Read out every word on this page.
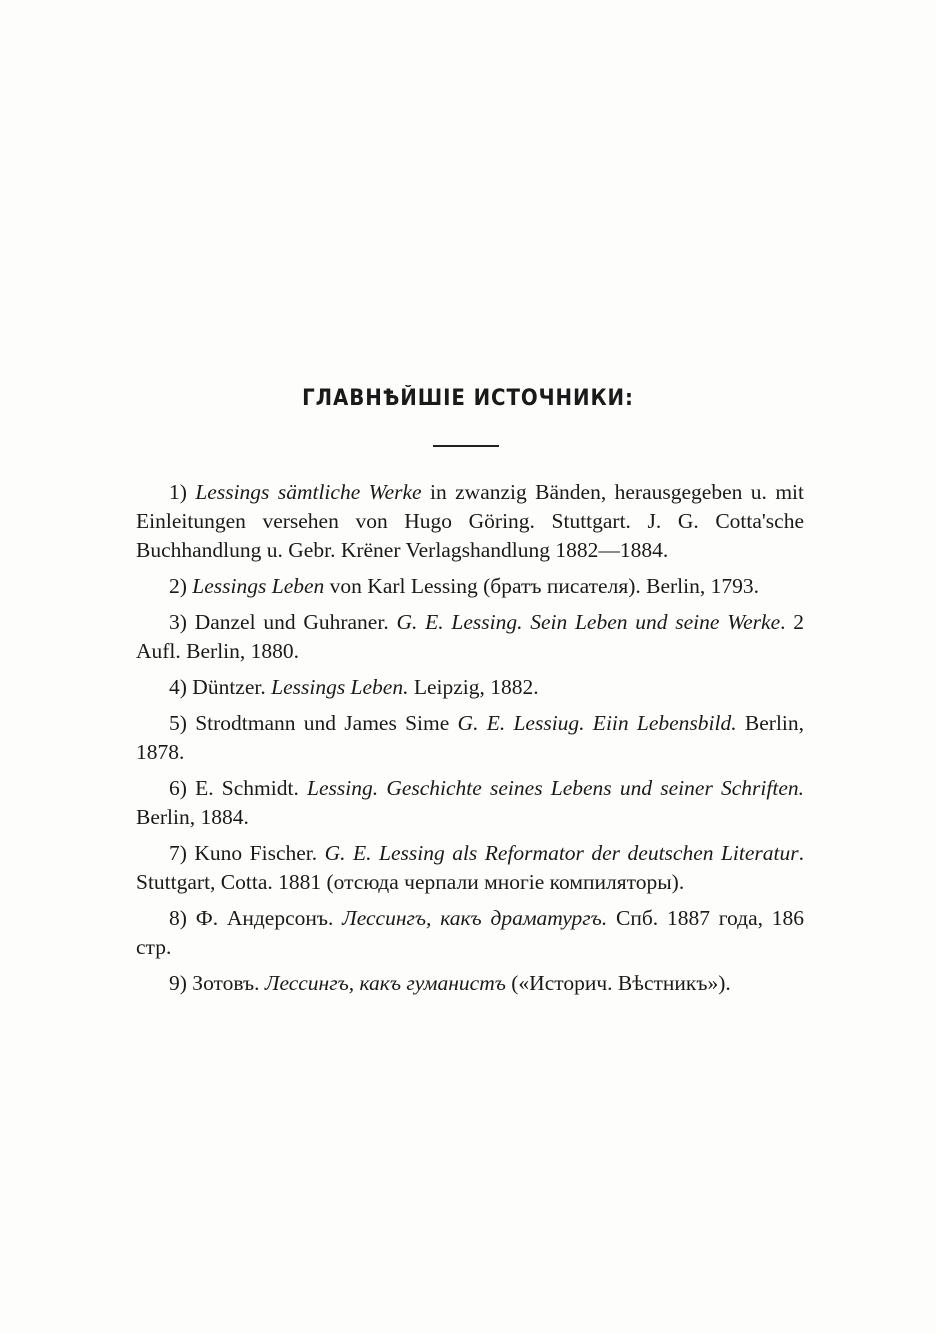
ГЛАВНѢЙШІЕ ИСТОЧНИКИ:
1) Lessings sämtliche Werke in zwanzig Bänden, herausgegeben u. mit Einleitungen versehen von Hugo Göring. Stuttgart. J. G. Cotta'sche Buchhandlung u. Gebr. Krëner Verlagshandlung 1882—1884.
2) Lessings Leben von Karl Lessing (братъ писателя). Berlin, 1793.
3) Danzel und Guhraner. G. E. Lessing. Sein Leben und seine Werke. 2 Aufl. Berlin, 1880.
4) Düntzer. Lessings Leben. Leipzig, 1882.
5) Strodtmann und James Sime G. E. Lessiug. Eiin Lebensbild. Berlin, 1878.
6) E. Schmidt. Lessing. Geschichte seines Lebens und seiner Schriften. Berlin, 1884.
7) Kuno Fischer. G. E. Lessing als Reformator der deutschen Literatur. Stuttgart, Cotta. 1881 (отсюда черпали многіе компиляторы).
8) Ф. Андерсонъ. Лессингъ, какъ драматургъ. Спб. 1887 года, 186 стр.
9) Зотовъ. Лессингъ, какъ гуманистъ («Историч. Вѣстникъ»).
